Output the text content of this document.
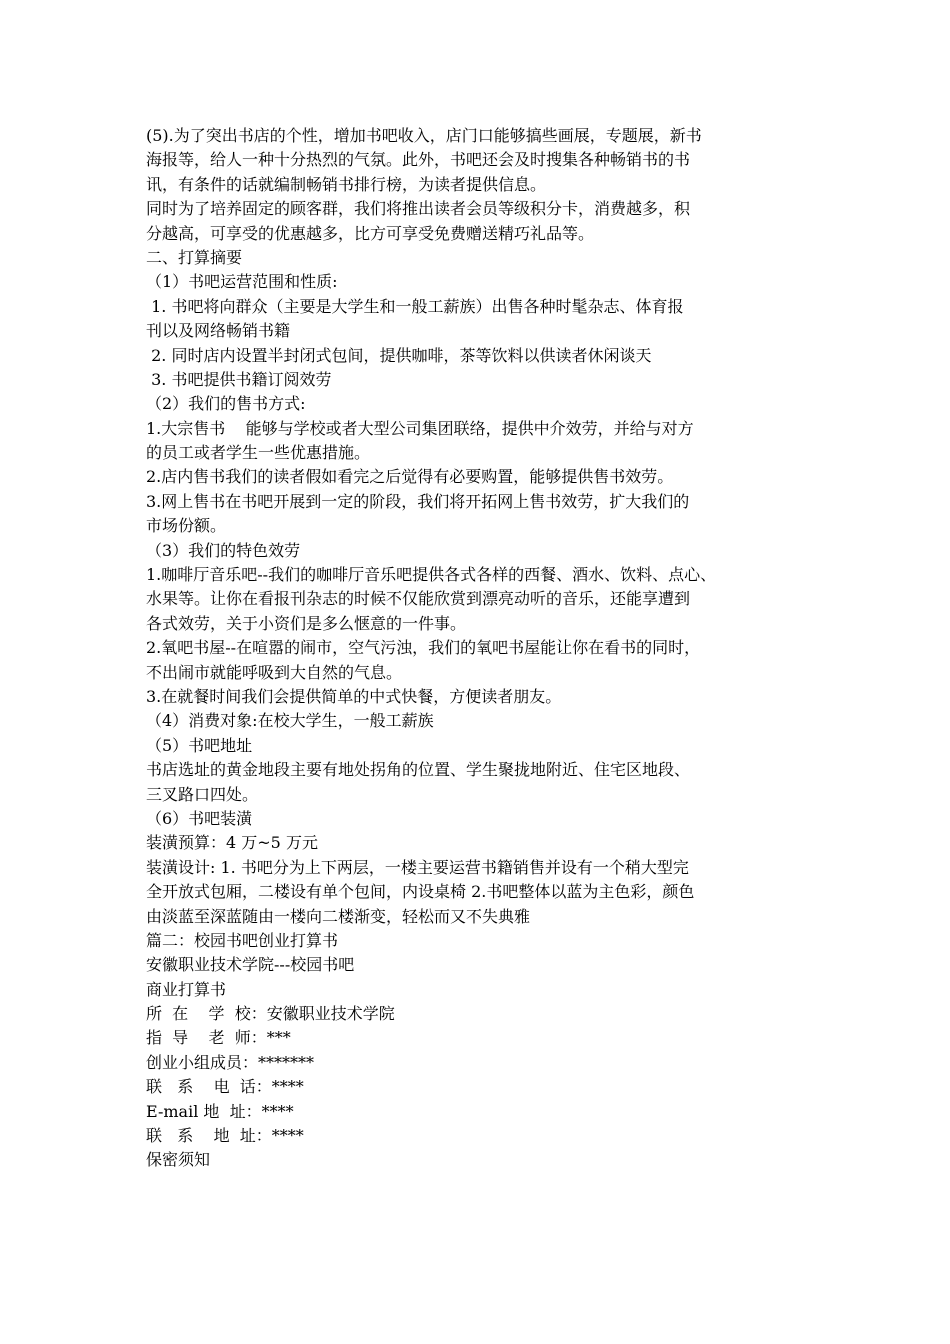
(5).为了突出书店的个性，增加书吧收入，店门口能够搞些画展，专题展，新书
海报等，给人一种十分热烈的气氛。此外，书吧还会及时搜集各种畅销书的书
讯，有条件的话就编制畅销书排行榜，为读者提供信息。
同时为了培养固定的顾客群，我们将推出读者会员等级积分卡，消费越多，积
分越高，可享受的优惠越多，比方可享受免费赠送精巧礼品等。
二、打算摘要
（1）书吧运营范围和性质:
1. 书吧将向群众（主要是大学生和一般工薪族）出售各种时髦杂志、体育报
刊以及网络畅销书籍
2. 同时店内设置半封闭式包间，提供咖啡，茶等饮料以供读者休闲谈天
3. 书吧提供书籍订阅效劳
（2）我们的售书方式:
1.大宗售书    能够与学校或者大型公司集团联络，提供中介效劳，并给与对方
的员工或者学生一些优惠措施。
2.店内售书我们的读者假如看完之后觉得有必要购置，能够提供售书效劳。
3.网上售书在书吧开展到一定的阶段，我们将开拓网上售书效劳，扩大我们的
市场份额。
（3）我们的特色效劳
1.咖啡厅音乐吧--我们的咖啡厅音乐吧提供各式各样的西餐、酒水、饮料、点心、
水果等。让你在看报刊杂志的时候不仅能欣赏到漂亮动听的音乐，还能享遭到
各式效劳，关于小资们是多么惬意的一件事。
2.氧吧书屋--在喧嚣的闹市，空气污浊，我们的氧吧书屋能让你在看书的同时，
不出闹市就能呼吸到大自然的气息。
3.在就餐时间我们会提供简单的中式快餐，方便读者朋友。
（4）消费对象:在校大学生，一般工薪族
（5）书吧地址
书店选址的黄金地段主要有地处拐角的位置、学生聚拢地附近、住宅区地段、
三叉路口四处。
（6）书吧装潢
装潢预算：4 万~5 万元
装潢设计: 1. 书吧分为上下两层，一楼主要运营书籍销售并设有一个稍大型完
全开放式包厢，二楼设有单个包间，内设桌椅 2.书吧整体以蓝为主色彩，颜色
由淡蓝至深蓝随由一楼向二楼渐变，轻松而又不失典雅
篇二：校园书吧创业打算书
安徽职业技术学院---校园书吧
商业打算书
所  在    学  校：安徽职业技术学院
指  导    老  师：***
创业小组成员：*******
联   系    电  话：****
E-mail 地  址：****
联   系    地  址：****
保密须知
